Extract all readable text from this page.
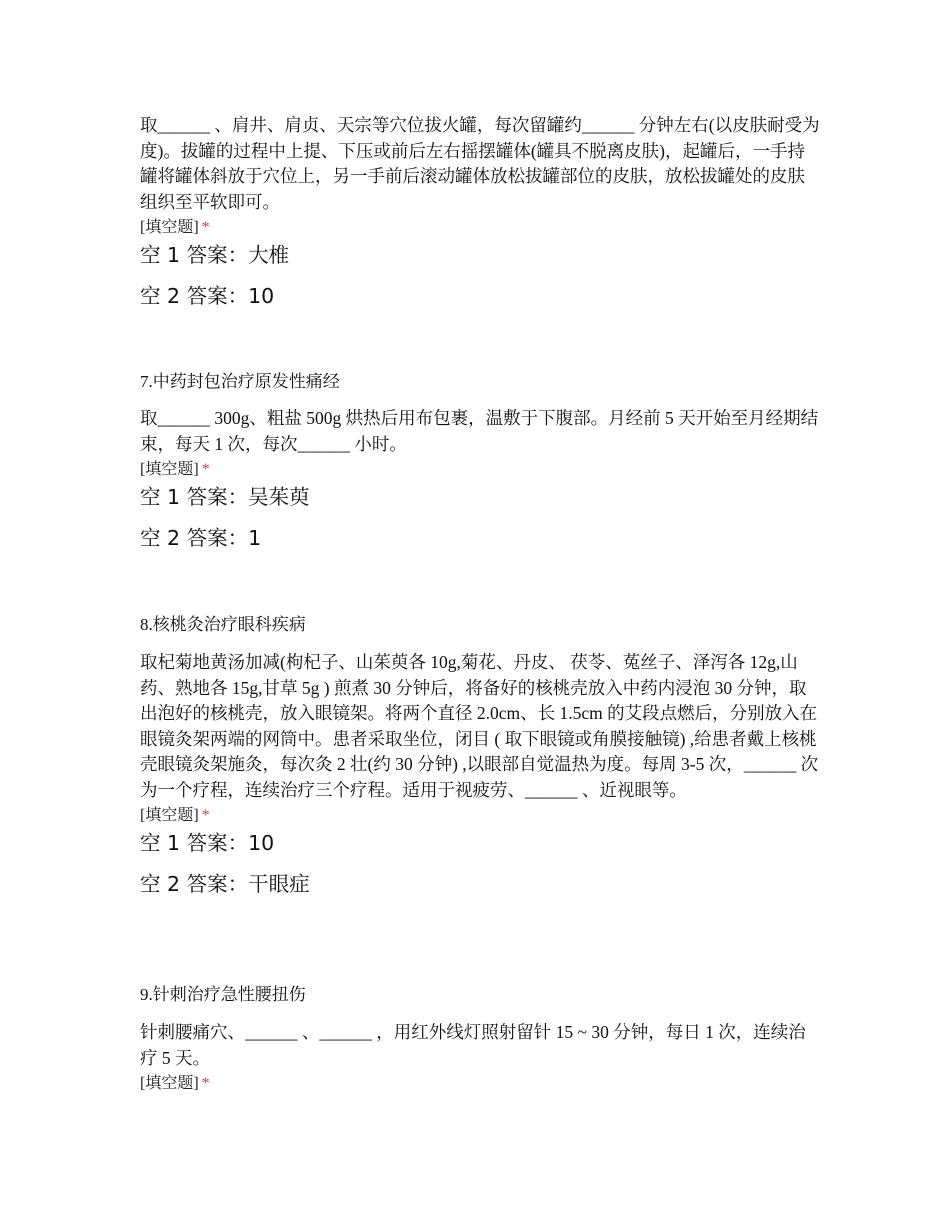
取______ 、肩井、肩贞、天宗等穴位拔火罐，每次留罐约______ 分钟左右(以皮肤耐受为度)。拔罐的过程中上提、下压或前后左右摇摆罐体(罐具不脱离皮肤)，起罐后，一手持罐将罐体斜放于穴位上，另一手前后滚动罐体放松拔罐部位的皮肤，放松拔罐处的皮肤组织至平软即可。

[填空题] *
空 1 答案：大椎
空 2 答案：10
7.中药封包治疗原发性痛经

取______ 300g、粗盐 500g 烘热后用布包裹，温敷于下腹部。月经前 5 天开始至月经期结束，每天 1 次，每次______ 小时。

[填空题] *
空 1 答案：吴茱萸
空 2 答案：1
8.核桃灸治疗眼科疾病

取杞菊地黄汤加减(枸杞子、山茱萸各 10g,菊花、丹皮、 茯苓、菟丝子、泽泻各 12g,山药、熟地各 15g,甘草 5g ) 煎煮 30 分钟后，将备好的核桃壳放入中药内浸泡 30 分钟，取出泡好的核桃壳，放入眼镜架。将两个直径 2.0cm、长 1.5cm 的艾段点燃后，分别放入在眼镜灸架两端的网筒中。患者采取坐位，闭目 ( 取下眼镜或角膜接触镜) ,给患者戴上核桃壳眼镜灸架施灸，每次灸 2 壮(约 30 分钟) ,以眼部自觉温热为度。每周 3-5 次，______ 次为一个疗程，连续治疗三个疗程。适用于视疲劳、______ 、近视眼等。

[填空题] *
空 1 答案：10
空 2 答案：干眼症
9.针刺治疗急性腰扭伤

针刺腰痛穴、______ 、______ ，用红外线灯照射留针 15 ~ 30 分钟，每日 1 次，连续治疗 5 天。

[填空题] *
